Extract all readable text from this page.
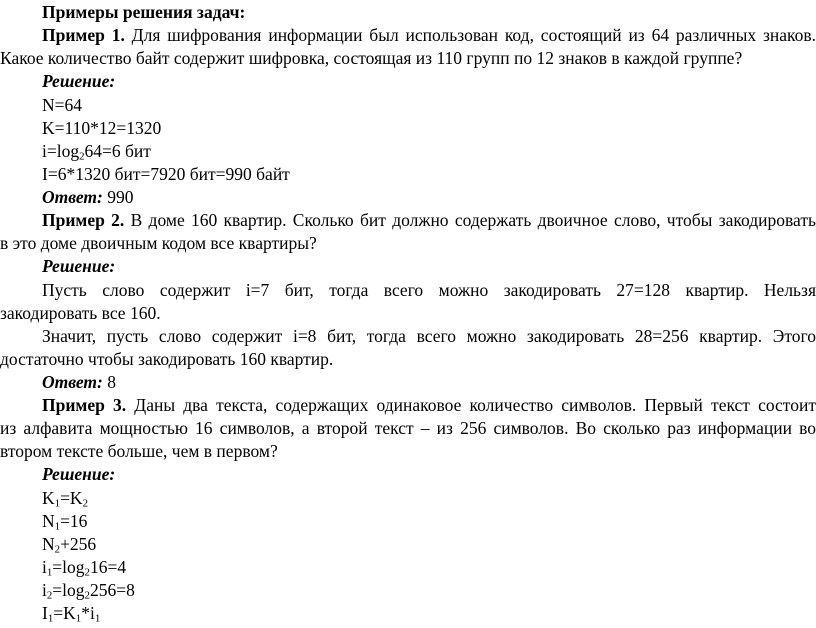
Примеры решения задач:
Пример 1. Для шифрования информации был использован код, состоящий из 64 различных знаков.
Какое количество байт содержит шифровка, состоящая из 110 групп по 12 знаков в каждой группе?
Решение:
N=64
K=110*12=1320
$i=\log_264=6$ бит
I=6*1320 бит=7920 бит=990 байт
Ответ: 990
Пример 2. В доме 160 квартир. Сколько бит должно содержать двоичное слово, чтобы закодировать
в это доме двоичным кодом все квартиры?
Решение:
Пусть слово содержит i=7 бит, тогда всего можно закодировать 27=128 квартир. Нельзя
закодировать все 160.
Значит, пусть слово содержит i=8 бит, тогда всего можно закодировать 28=256 квартир. Этого
достаточно чтобы закодировать 160 квартир.
Ответ: 8
Пример 3. Даны два текста, содержащих одинаковое количество символов. Первый текст состоит
из алфавита мощностью 16 символов, а второй текст – из 256 символов. Во сколько раз информации во
втором тексте больше, чем в первом?
Решение:
$K_1=K_2$
$N_1=16$
$N_2+256$
$i_1=\log_216=4$
$i_2=\log_2256=8$
$I_1=K_1*i_1$
